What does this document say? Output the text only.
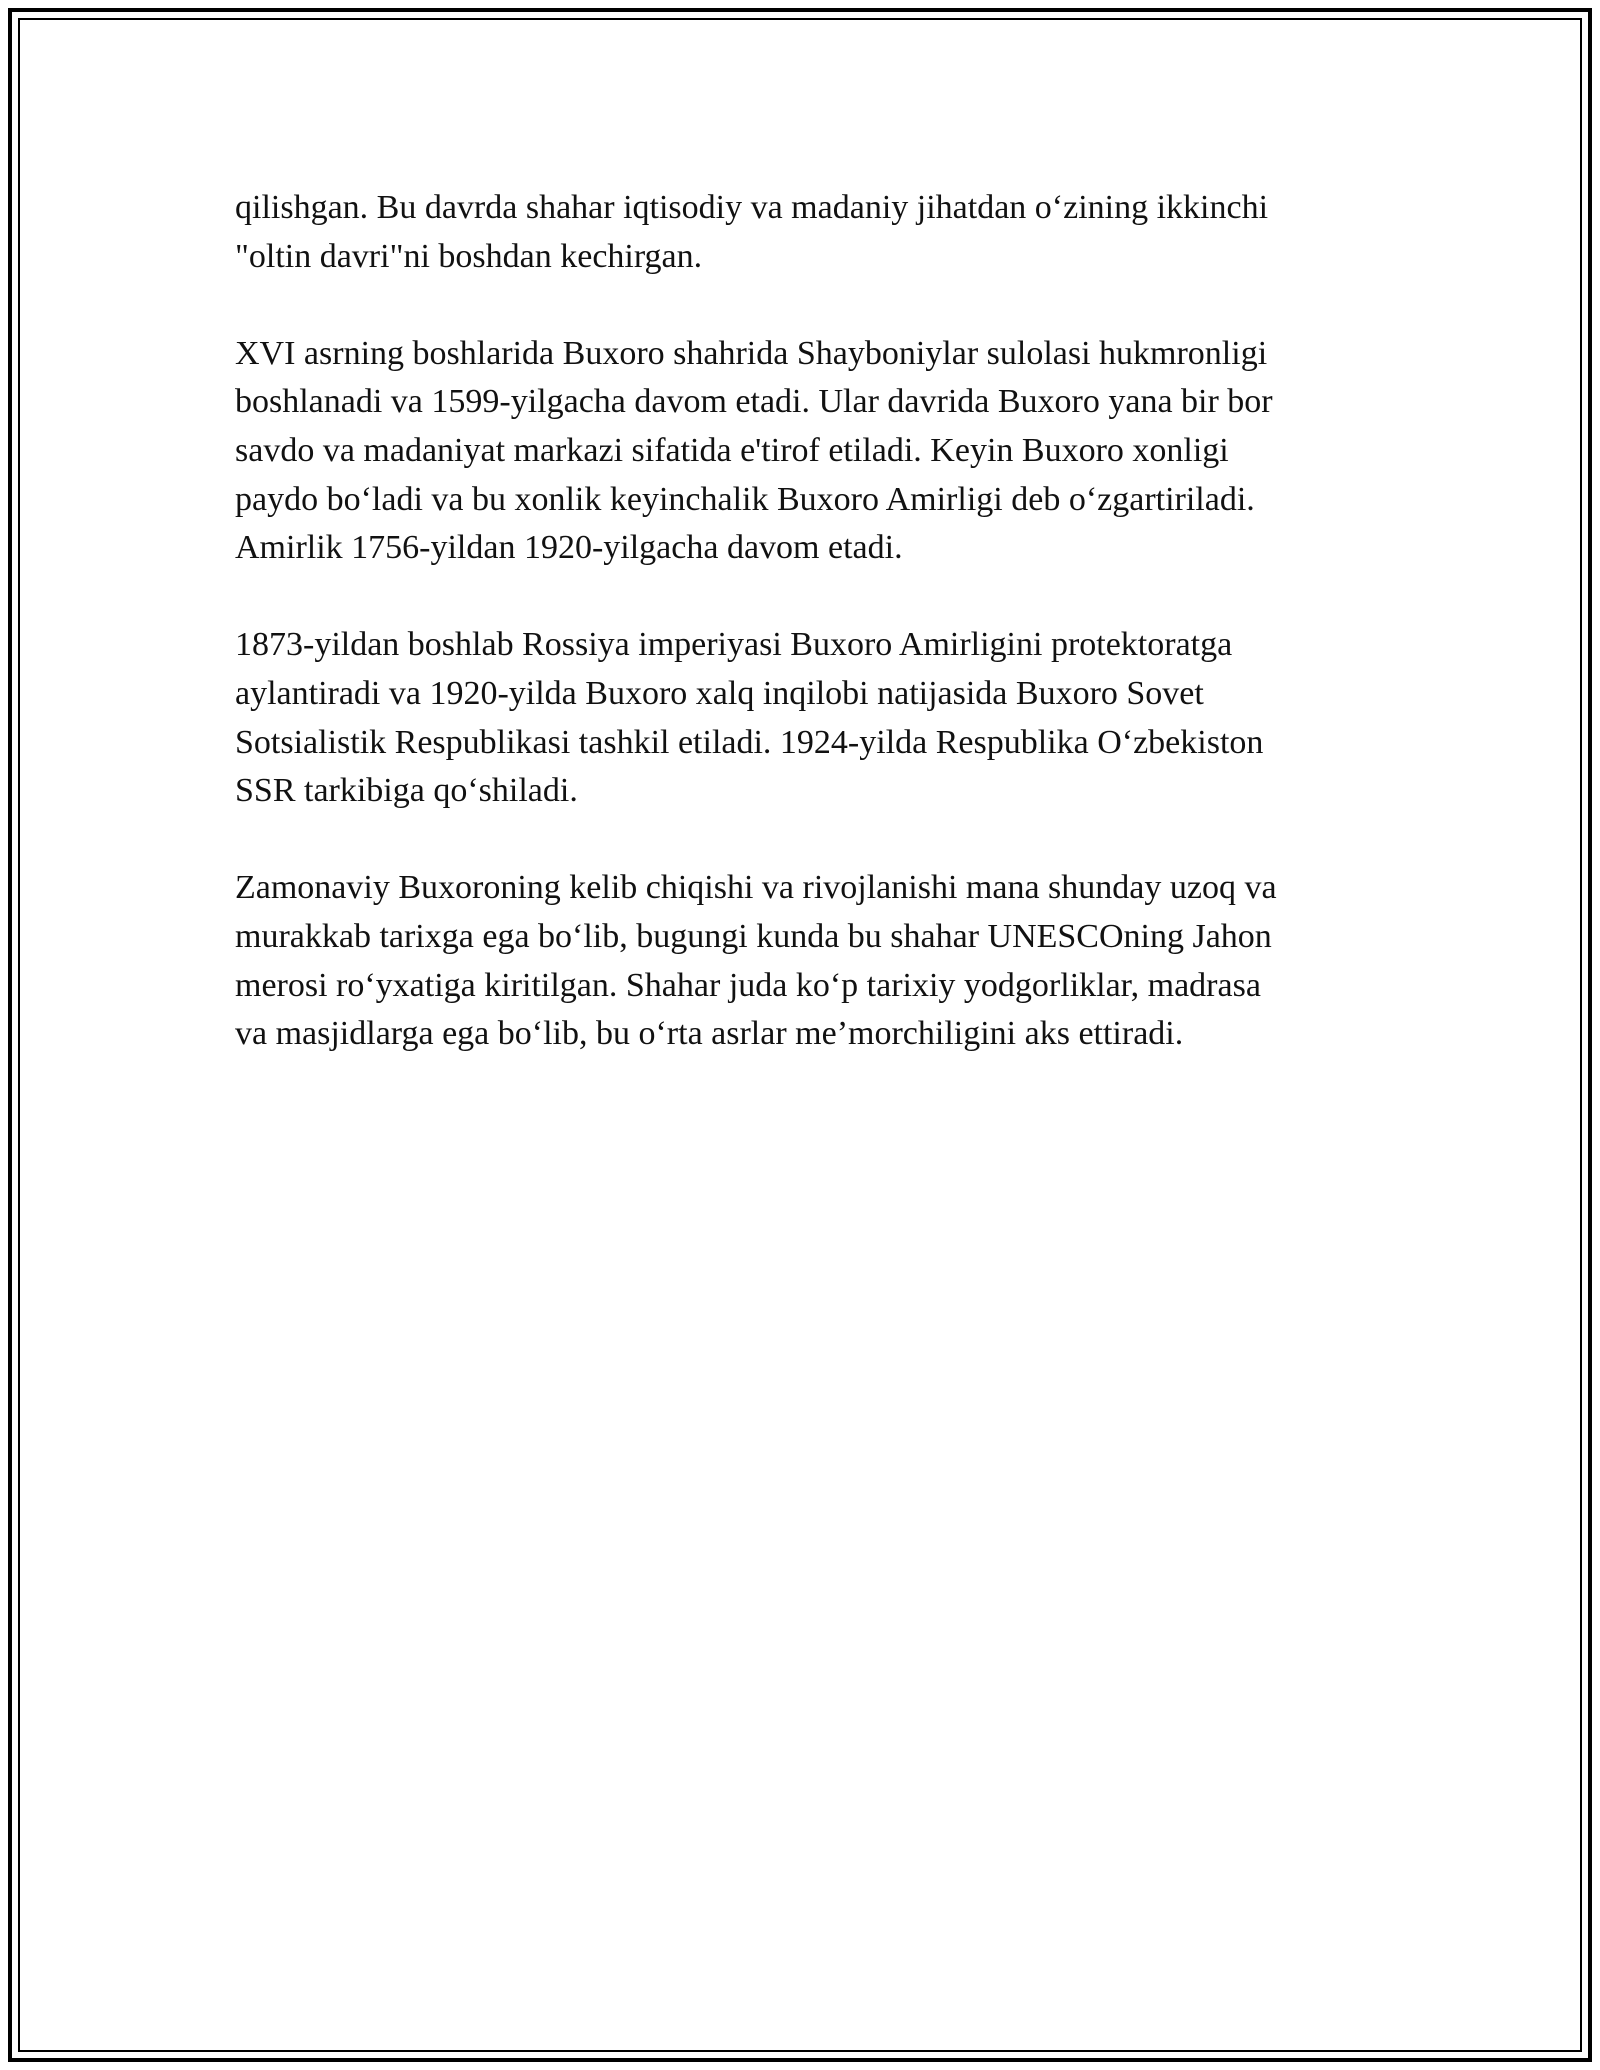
qilishgan. Bu davrda shahar iqtisodiy va madaniy jihatdan o‘zining ikkinchi
"oltin davri"ni boshdan kechirgan.

XVI asrning boshlarida Buxoro shahrida Shayboniylar sulolasi hukmronligi
boshlanadi va 1599-yilgacha davom etadi. Ular davrida Buxoro yana bir bor
savdo va madaniyat markazi sifatida e'tirof etiladi. Keyin Buxoro xonligi
paydo bo‘ladi va bu xonlik keyinchalik Buxoro Amirligi deb o‘zgartiriladi.
Amirlik 1756-yildan 1920-yilgacha davom etadi.

1873-yildan boshlab Rossiya imperiyasi Buxoro Amirligini protektoratga
aylantiradi va 1920-yilda Buxoro xalq inqilobi natijasida Buxoro Sovet
Sotsialistik Respublikasi tashkil etiladi. 1924-yilda Respublika O‘zbekiston
SSR tarkibiga qo‘shiladi.

Zamonaviy Buxoroning kelib chiqishi va rivojlanishi mana shunday uzoq va
murakkab tarixga ega bo‘lib, bugungi kunda bu shahar UNESCOning Jahon
merosi ro‘yxatiga kiritilgan. Shahar juda ko‘p tarixiy yodgorliklar, madrasa
va masjidlarga ega bo‘lib, bu o‘rta asrlar me’morchiligini aks ettiradi.
